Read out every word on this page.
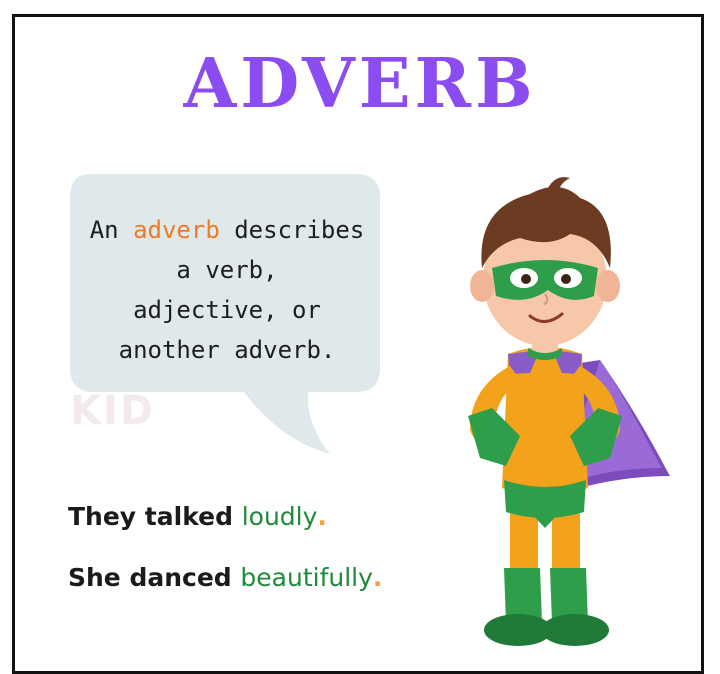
ADVERB
KID
An adverb describes
a verb,
adjective, or
another adverb.
They talked loudly.
She danced beautifully.
